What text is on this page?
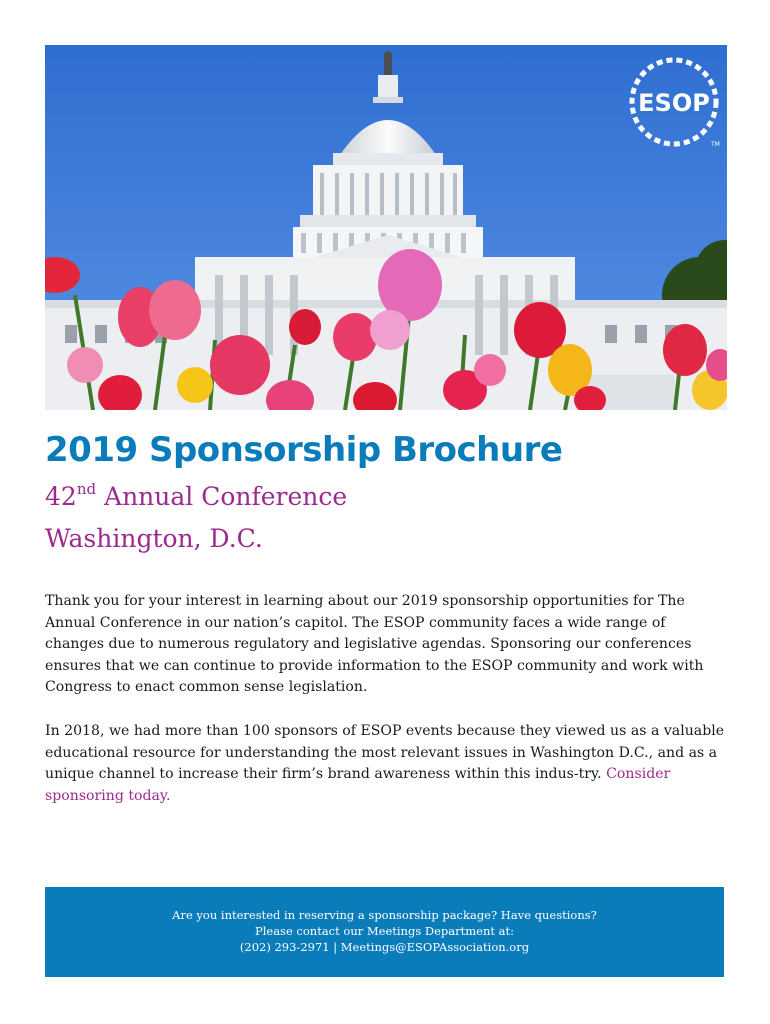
ESOP
TM
2019 Sponsorship Brochure

42nd Annual Conference

Washington, D.C.

Thank you for your interest in learning about our 2019 sponsorship opportunities for The Annual Conference in our nation’s capitol. The ESOP community faces a wide range of changes due to numerous regulatory and legislative agendas. Sponsoring our conferences ensures that we can continue to provide information to the ESOP community and work with Congress to enact common sense legislation.

In 2018, we had more than 100 sponsors of ESOP events because they viewed us as a valuable educational resource for understanding the most relevant issues in Washington D.C., and as a unique channel to increase their firm’s brand awareness within this indus-try. Consider sponsoring today.

Are you interested in reserving a sponsorship package? Have questions?
Please contact our Meetings Department at:
(202) 293-2971 | Meetings@ESOPAssociation.org
